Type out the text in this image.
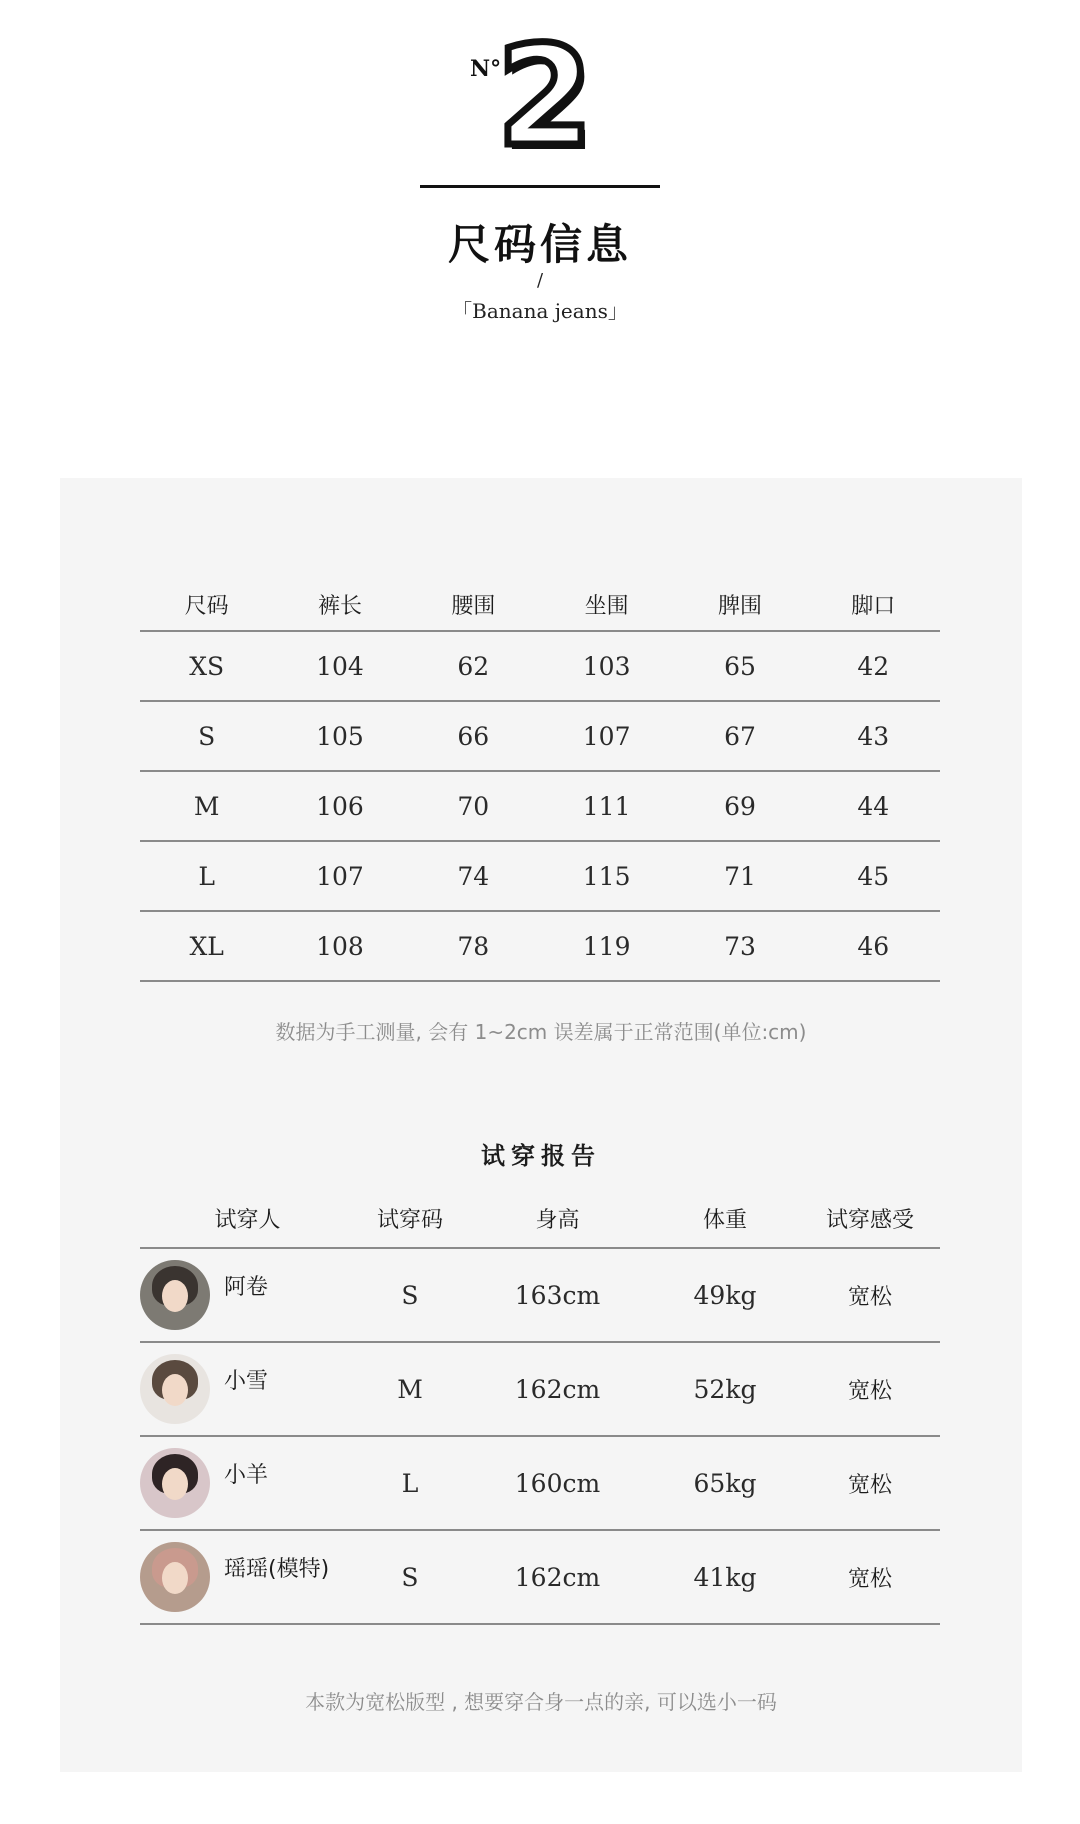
N°
2
尺码信息
/
「Banana jeans」
尺码	裤长	腰围	坐围	脾围	脚口
XS	104	62	103	65	42
S	105	66	107	67	43
M	106	70	111	69	44
L	107	74	115	71	45
XL	108	78	119	73	46
数据为手工测量, 会有 1~2cm 误差属于正常范围(单位:cm)
试穿报告
试穿人	试穿码	身高	体重	试穿感受
阿卷	S	163cm	49kg	宽松
小雪	M	162cm	52kg	宽松
小羊	L	160cm	65kg	宽松
瑶瑶(模特)	S	162cm	41kg	宽松
本款为宽松版型 , 想要穿合身一点的亲, 可以选小一码
